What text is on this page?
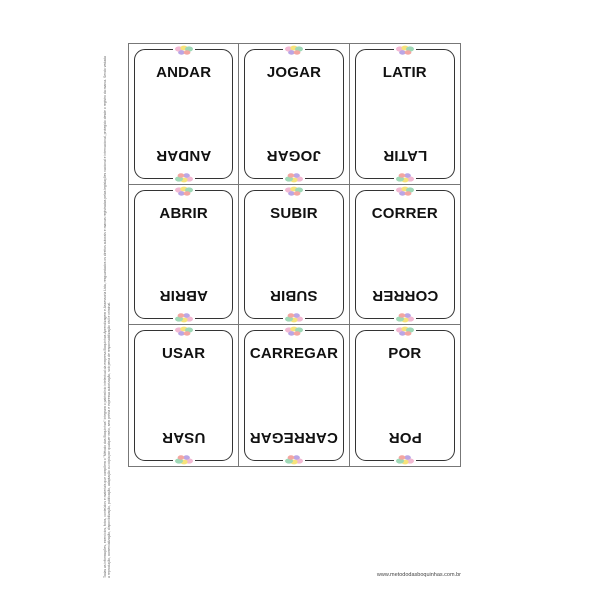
Todas as informações, exercícios, fotos, conteúdos e materiais que compõem o "Método das Boquinhas" integram o patrimônio intelectual da empresa Boquinhas Aprendizagem e Assessoria Ltda, resguardados os direitos autorais e marcas registradas pelas legislações nacional e internacional, protegido desde o registro da marca. Sendo vedada a reprodução, comercialização, disponibilização, publicação, adaptação ou cópia por qualquer meio, sem prévia e expressa autorização, sob pena de responsabilização civil e criminal.
ANDAR
ANDAR
JOGAR
JOGAR
LATIR
LATIR
ABRIR
ABRIR
SUBIR
SUBIR
CORRER
CORRER
USAR
USAR
CARREGAR
CARREGAR
POR
POR
www.metododasboquinhas.com.br
